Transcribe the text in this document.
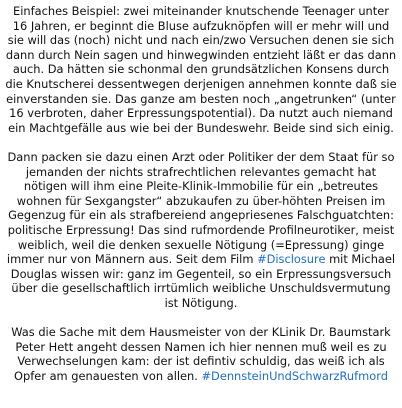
Einfaches Beispiel: zwei miteinander knutschende Teenager unter 16 Jahren, er beginnt die Bluse aufzuknöpfen will er mehr will und sie will das (noch) nicht und nach ein/zwo Versuchen denen sie sich dann durch Nein sagen und hinwegwinden entzieht läßt er das dann auch. Da hätten sie schonmal den grundsätzlichen Konsens durch die Knutscherei dessentwegen derjenigen annehmen konnte daß sie einverstanden sie. Das ganze am besten noch „angetrunken“ (unter 16 verbroten, daher Erpressungspotential). Da nutzt auch niemand ein Machtgefälle aus wie bei der Bundeswehr. Beide sind sich einig.

Dann packen sie dazu einen Arzt oder Politiker der dem Staat für so jemanden der nichts strafrechtlichen relevantes gemacht hat nötigen will ihm eine Pleite-Klinik-Immobilie für ein „betreutes wohnen für Sexgangster“ abzukaufen zu über-höhten Preisen im Gegenzug für ein als strafbereiend angepriesenes Falschguatchten: politische Erpressung! Das sind rufmordende Profilneurotiker, meist weiblich, weil die denken sexuelle Nötigung (=Epressung) ginge immer nur von Männern aus. Seit dem Film #Disclosure mit Michael Douglas wissen wir: ganz im Gegenteil, so ein Erpressungsversuch über die gesellschaftlich irrtümlich weibliche Unschuldsvermutung ist Nötigung.

Was die Sache mit dem Hausmeister von der KLinik Dr. Baumstark Peter Hett angeht dessen Namen ich hier nennen muß weil es zu Verwechselungen kam: der ist defintiv schuldig, das weiß ich als Opfer am genauesten von allen. #DennsteinUndSchwarzRufmord
